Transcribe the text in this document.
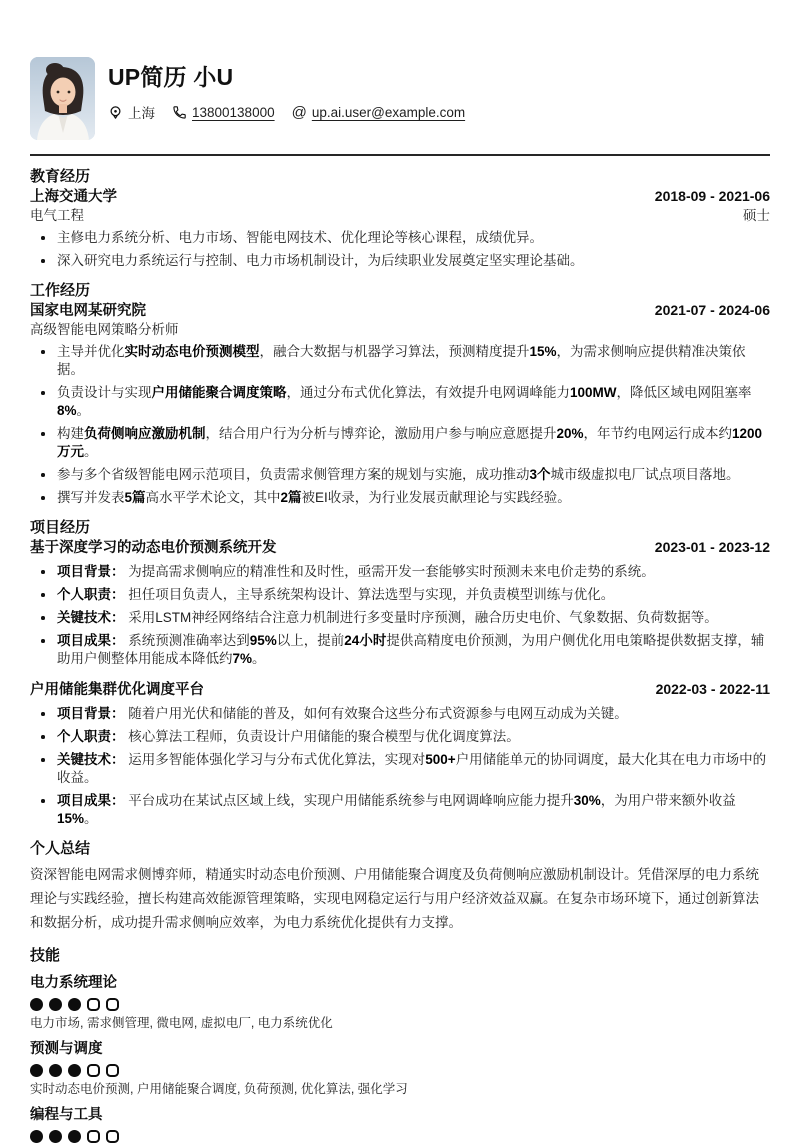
UP简历 小U
上海	13800138000 @ up.ai.user@example.com
教育经历
上海交通大学	2018-09 - 2021-06
电气工程	硕士
主修电力系统分析、电力市场、智能电网技术、优化理论等核心课程，成绩优异。
深入研究电力系统运行与控制、电力市场机制设计，为后续职业发展奠定坚实理论基础。
工作经历
国家电网某研究院	2021-07 - 2024-06
高级智能电网策略分析师
主导并优化实时动态电价预测模型，融合大数据与机器学习算法，预测精度提升15%，为需求侧响应提供精准决策依据。
负责设计与实现户用储能聚合调度策略，通过分布式优化算法，有效提升电网调峰能力100MW，降低区域电网阻塞率8%。
构建负荷侧响应激励机制，结合用户行为分析与博弈论，激励用户参与响应意愿提升20%，年节约电网运行成本约1200万元。
参与多个省级智能电网示范项目，负责需求侧管理方案的规划与实施，成功推动3个城市级虚拟电厂试点项目落地。
撰写并发表5篇高水平学术论文，其中2篇被EI收录，为行业发展贡献理论与实践经验。
项目经历
基于深度学习的动态电价预测系统开发	2023-01 - 2023-12
项目背景： 为提高需求侧响应的精准性和及时性，亟需开发一套能够实时预测未来电价走势的系统。
个人职责： 担任项目负责人，主导系统架构设计、算法选型与实现，并负责模型训练与优化。
关键技术： 采用LSTM神经网络结合注意力机制进行多变量时序预测，融合历史电价、气象数据、负荷数据等。
项目成果： 系统预测准确率达到95%以上，提前24小时提供高精度电价预测，为用户侧优化用电策略提供数据支撑，辅助用户侧整体用能成本降低约7%。
户用储能集群优化调度平台	2022-03 - 2022-11
项目背景： 随着户用光伏和储能的普及，如何有效聚合这些分布式资源参与电网互动成为关键。
个人职责： 核心算法工程师，负责设计户用储能的聚合模型与优化调度算法。
关键技术： 运用多智能体强化学习与分布式优化算法，实现对500+户用储能单元的协同调度，最大化其在电力市场中的收益。
项目成果： 平台成功在某试点区域上线，实现户用储能系统参与电网调峰响应能力提升30%，为用户带来额外收益15%。
个人总结

资深智能电网需求侧博弈师，精通实时动态电价预测、户用储能聚合调度及负荷侧响应激励机制设计。凭借深厚的电力系统理论与实践经验，擅长构建高效能源管理策略，实现电网稳定运行与用户经济效益双赢。在复杂市场环境下，通过创新算法和数据分析，成功提升需求侧响应效率，为电力系统优化提供有力支撑。

技能
电力系统理论
电力市场, 需求侧管理, 微电网, 虚拟电厂, 电力系统优化
预测与调度
实时动态电价预测, 户用储能聚合调度, 负荷预测, 优化算法, 强化学习
编程与工具
